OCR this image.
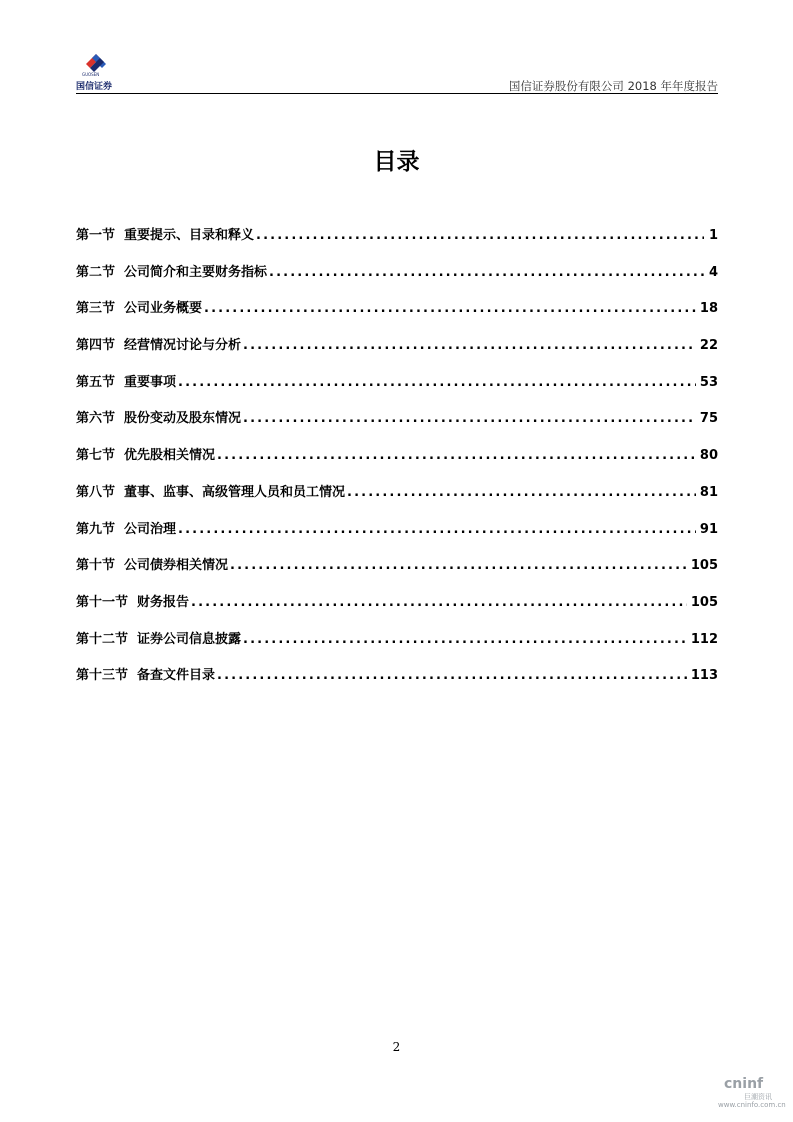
GUOSEN
国信证券	国信证券股份有限公司 2018 年年度报告
目录
第一节 重要提示、目录和释义 . . .	1
第二节 公司简介和主要财务指标 . . .	4
第三节 公司业务概要 . . .	18
第四节 经营情况讨论与分析 . . .	22
第五节 重要事项 . . .	53
第六节 股份变动及股东情况 . . .	75
第七节 优先股相关情况 . . .	80
第八节 董事、监事、高级管理人员和员工情况 . . .	81
第九节 公司治理 . . .	91
第十节 公司债券相关情况 . . .	105
第十一节 财务报告 . . .	105
第十二节 证券公司信息披露 . . .	112
第十三节 备查文件目录 . . .	113
2
cninf
巨潮资讯
www.cninfo.com.cn
